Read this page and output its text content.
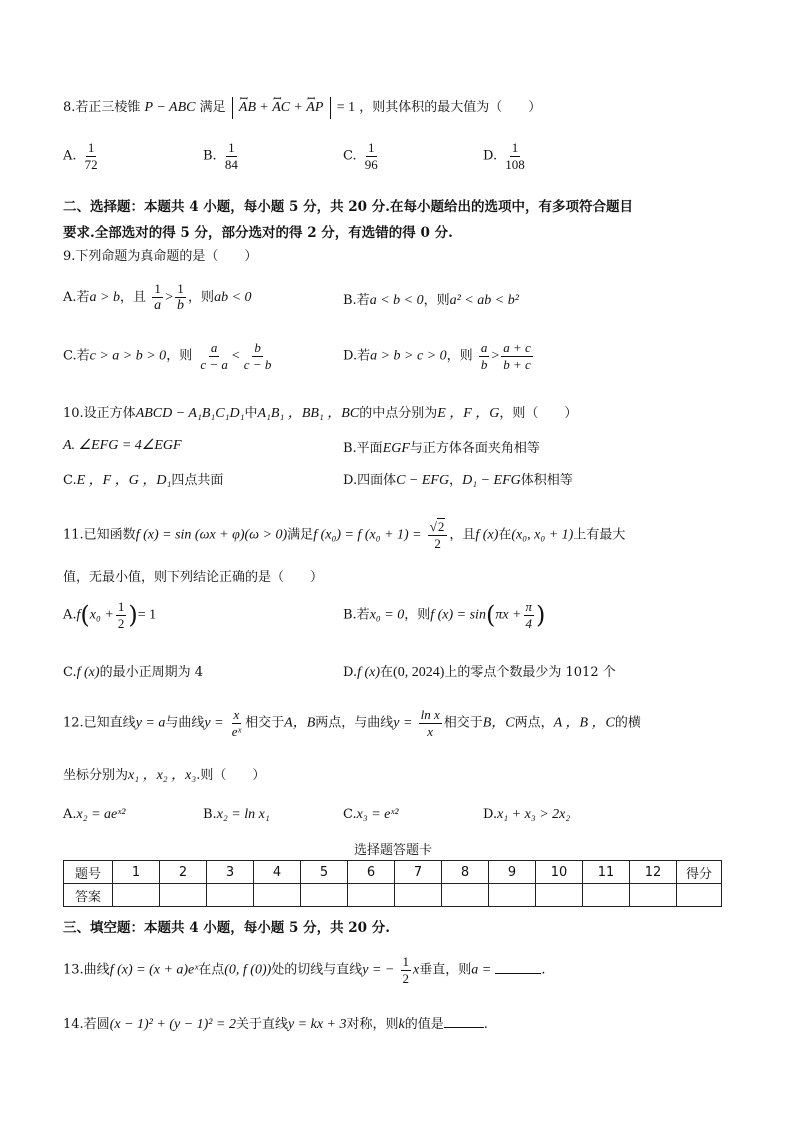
8.若正三棱锥 P − ABC 满足 ꟷ AB + ꟷ AC + ꟷ AP = 1 ，则其体积的最大值为（　　）
A. $\frac{1}{72}$	B. $\frac{1}{84}$	C. $\frac{1}{96}$	D. $\frac{1}{108}$
二、选择题：本题共 4 小题，每小题 5 分，共 20 分.在每小题给出的选项中，有多项符合题目
要求.全部选对的得 5 分，部分选对的得 2 分，有选错的得 0 分.
9.下列命题为真命题的是（　　）
A.若a > b，且 $\frac{1}{a} > \frac{1}{b}$ ，则ab < 0	B.若a < b < 0，则a² < ab < b²
C.若c > a > b > 0，则 $\frac{a}{c - a} < \frac{b}{c - b}$	D.若a > b > c > 0，则 $\frac{a}{b} > \frac{a + c}{b + c}$
10.设正方体ABCD − A₁B₁C₁D₁中A₁B₁ ，BB₁ ，BC的中点分别为E ，F ，G，则（　　）
A. ∠EFG = 4∠EGF	B.平面EGF与正方体各面夹角相等
C.E ，F ，G ，D₁四点共面	D.四面体C − EFG，D₁ − EFG体积相等
11.已知函数f (x) = sin (ωx + φ)(ω > 0)满足f (x₀) = f $(x_0 + 1) = \frac{√2}{2}$ ，且f (x)在(x₀, x₀ + 1)上有最大
值，无最小值，则下列结论正确的是（　　）
$A.f(x_0 + \frac{1}{2}$ )= 1	B.若x₀ = 0，则f $(x) = \sin(\pi x + \frac{\pi}{4}$ )
C.f (x)的最小正周期为 4	D.f (x)在(0, 2024)上的零点个数最少为 1012 个
12.已知直线y = a与曲线$y = \frac{x}{\text{eˣ}}$ 相交于A，B两点，与曲线$y = \frac{\text{ln x}}{x}$ 相交于B，C两点，A ，B ，C的横
坐标分别为x₁ ，x₂ ，x₃.则（　　）
A.x₂ = aeˣ²	B.x₂ = ln x₁	C.x₃ = eˣ²	D.x₁ + x₃ > 2x₂
选择题答题卡
题号	1	2	3	4	5	6	7	8	9	10	11	12	得分
答案													
三、填空题：本题共 4 小题，每小题 5 分，共 20 分.
13.曲线f (x) = (x + a)eˣ在点(0, f (0))处的切线与直线y = − $\frac{1}{2}$ x垂直，则a =	.
14.若圆(x − 1)² + (y − 1)² = 2关于直线y = kx + 3对称，则k的值是	.
